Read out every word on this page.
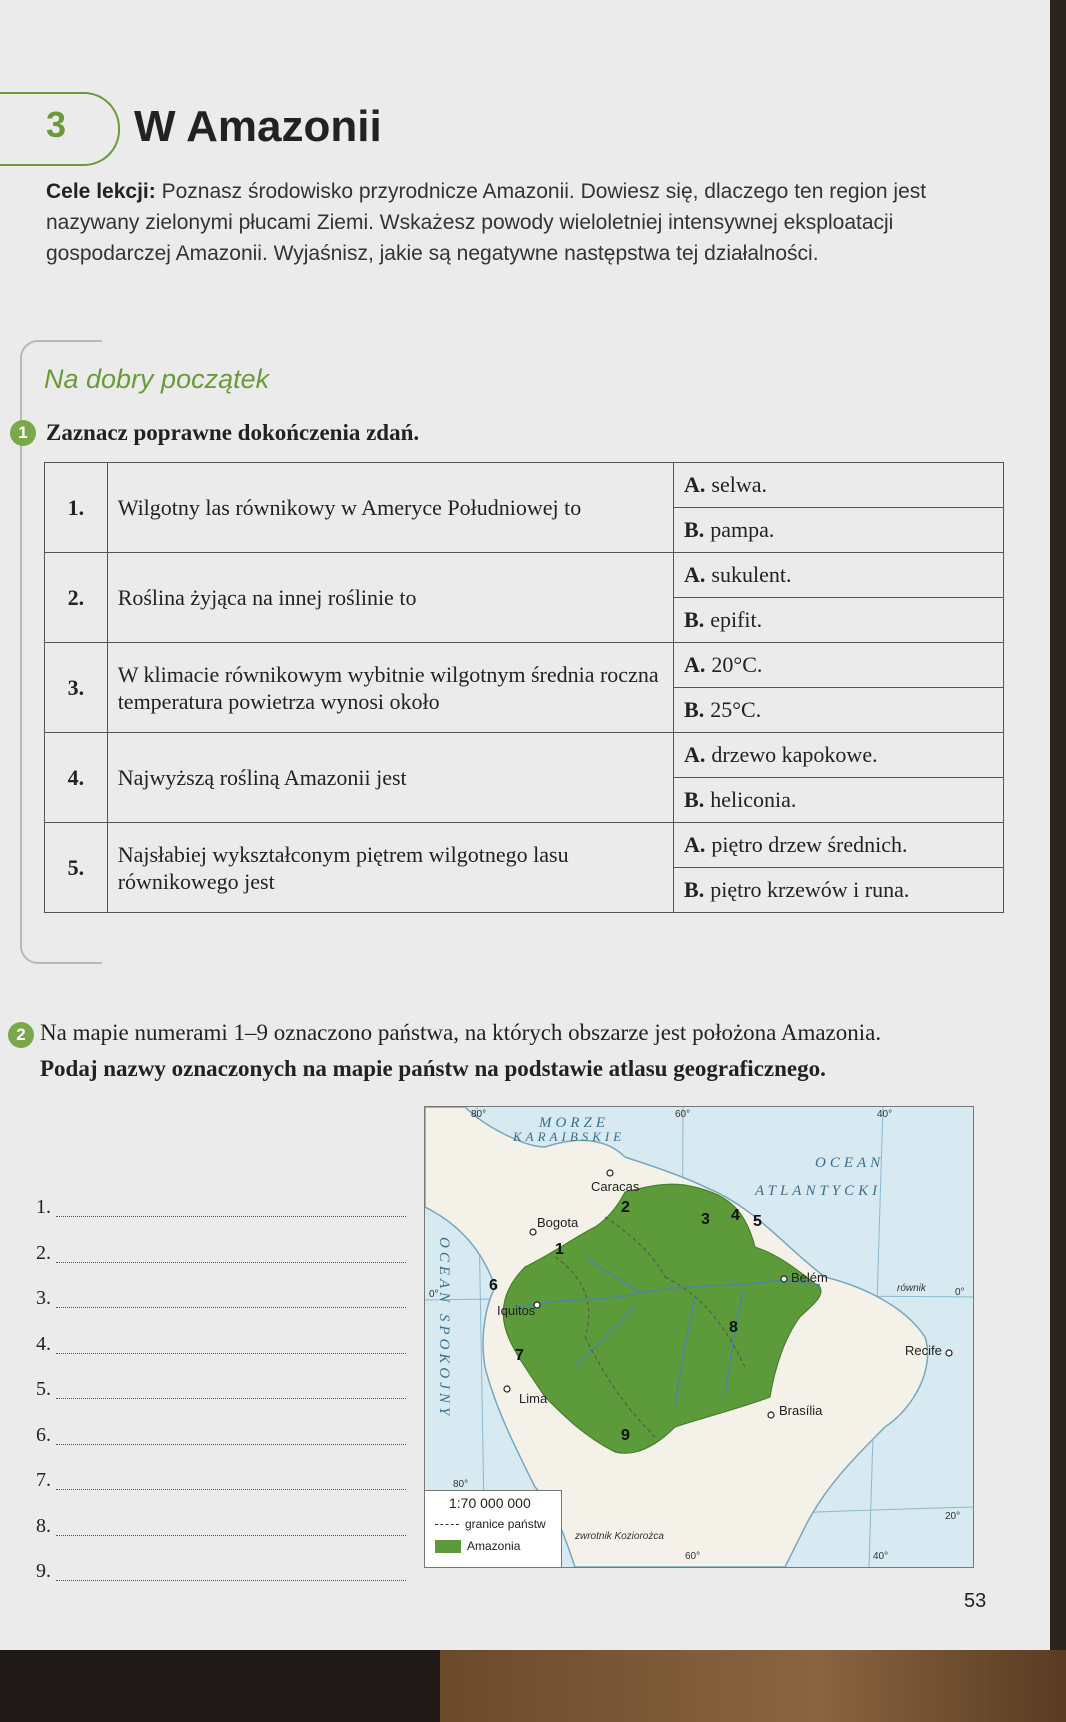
3 W Amazonii
Cele lekcji: Poznasz środowisko przyrodnicze Amazonii. Dowiesz się, dlaczego ten region jest nazywany zielonymi płucami Ziemi. Wskażesz powody wieloletniej intensywnej eksploatacji gospodarczej Amazonii. Wyjaśnisz, jakie są negatywne następstwa tej działalności.
Na dobry początek
1 Zaznacz poprawne dokończenia zdań.
1.	Wilgotny las równikowy w Ameryce Południowej to	A. selwa.
		B. pampa.
2.	Roślina żyjąca na innej roślinie to	A. sukulent.
		B. epifit.
3.	W klimacie równikowym wybitnie wilgotnym średnia roczna temperatura powietrza wynosi około	A. 20°C.
		B. 25°C.
4.	Najwyższą rośliną Amazonii jest	A. drzewo kapokowe.
		B. heliconia.
5.	Najsłabiej wykształconym piętrem wilgotnego lasu równikowego jest	A. piętro drzew średnich.
		B. piętro krzewów i runa.
2 Na mapie numerami 1–9 oznaczono państwa, na których obszarze jest położona Amazonia.
Podaj nazwy oznaczonych na mapie państw na podstawie atlasu geograficznego.
1.
2.
3.
4.
5.
6.
7.
8.
9.
MORZE
KARAIBSKIE
OCEAN
ATLANTYCKI
OCEAN SPOKOJNY
Caracas
Bogota
Iquitos
Lima
Belém
Recife
Brasília
1
2
3 4 5
6
7
8
9
80°	60°	40°
0°	0°
80°
60°	40°
20°
równik
zwrotnik Koziorożca
1:70 000 000
granice państw
Amazonia
53
